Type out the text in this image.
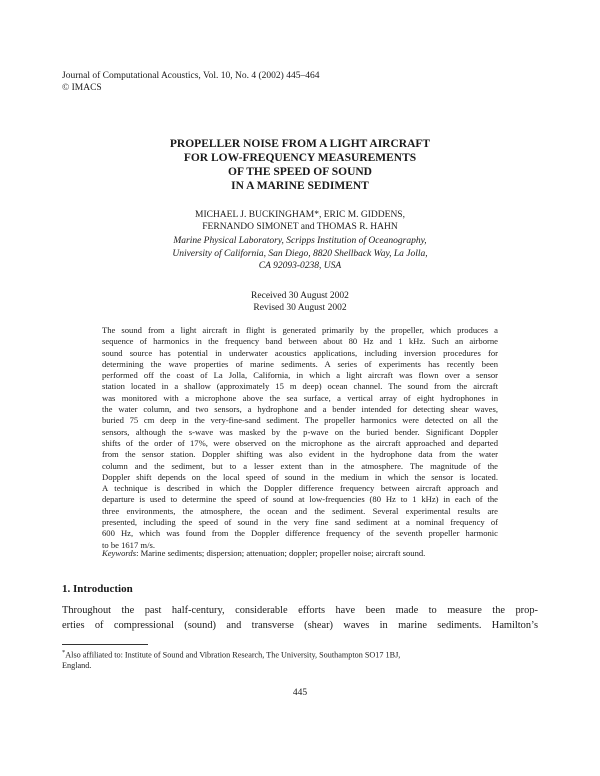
Journal of Computational Acoustics, Vol. 10, No. 4 (2002) 445–464
© IMACS
PROPELLER NOISE FROM A LIGHT AIRCRAFT
FOR LOW-FREQUENCY MEASUREMENTS
OF THE SPEED OF SOUND
IN A MARINE SEDIMENT
MICHAEL J. BUCKINGHAM*, ERIC M. GIDDENS,
FERNANDO SIMONET and THOMAS R. HAHN
Marine Physical Laboratory, Scripps Institution of Oceanography,
University of California, San Diego, 8820 Shellback Way, La Jolla,
CA 92093-0238, USA
Received 30 August 2002
Revised 30 August 2002
The sound from a light aircraft in flight is generated primarily by the propeller, which produces a
sequence of harmonics in the frequency band between about 80 Hz and 1 kHz. Such an airborne
sound source has potential in underwater acoustics applications, including inversion procedures for
determining the wave properties of marine sediments. A series of experiments has recently been
performed off the coast of La Jolla, California, in which a light aircraft was flown over a sensor
station located in a shallow (approximately 15 m deep) ocean channel. The sound from the aircraft
was monitored with a microphone above the sea surface, a vertical array of eight hydrophones in
the water column, and two sensors, a hydrophone and a bender intended for detecting shear waves,
buried 75 cm deep in the very-fine-sand sediment. The propeller harmonics were detected on all the
sensors, although the s-wave was masked by the p-wave on the buried bender. Significant Doppler
shifts of the order of 17%, were observed on the microphone as the aircraft approached and departed
from the sensor station. Doppler shifting was also evident in the hydrophone data from the water
column and the sediment, but to a lesser extent than in the atmosphere. The magnitude of the
Doppler shift depends on the local speed of sound in the medium in which the sensor is located.
A technique is described in which the Doppler difference frequency between aircraft approach and
departure is used to determine the speed of sound at low-frequencies (80 Hz to 1 kHz) in each of the
three environments, the atmosphere, the ocean and the sediment. Several experimental results are
presented, including the speed of sound in the very fine sand sediment at a nominal frequency of
600 Hz, which was found from the Doppler difference frequency of the seventh propeller harmonic
to be 1617 m/s.
Keywords: Marine sediments; dispersion; attenuation; doppler; propeller noise; aircraft sound.
1. Introduction
Throughout the past half-century, considerable efforts have been made to measure the prop-
erties of compressional (sound) and transverse (shear) waves in marine sediments. Hamilton’s
*Also affiliated to: Institute of Sound and Vibration Research, The University, Southampton SO17 1BJ,
England.
445
